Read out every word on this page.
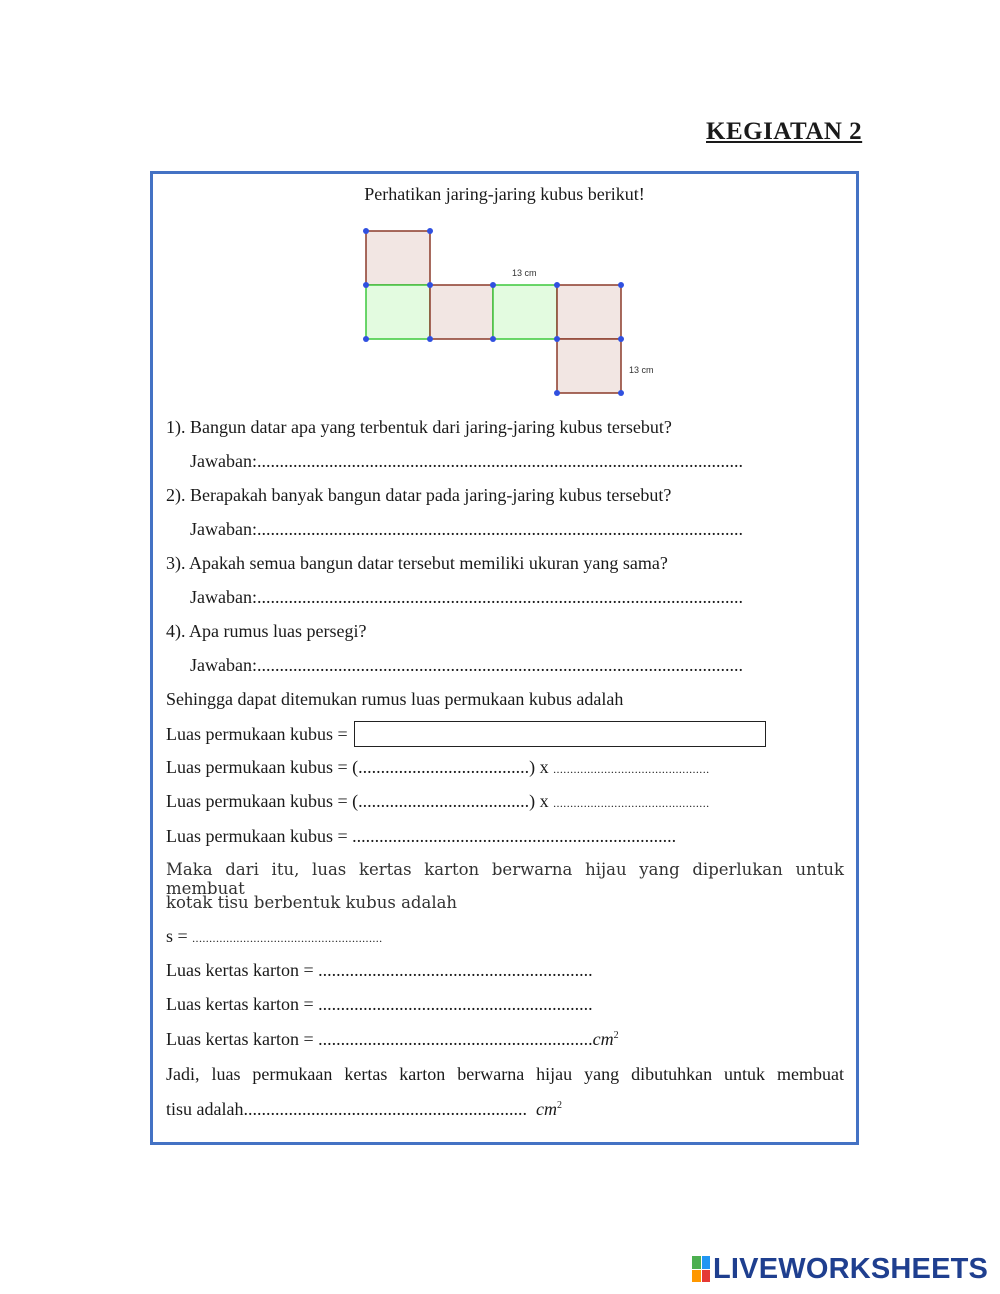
KEGIATAN 2
Perhatikan jaring-jaring kubus berikut!
13 cm
13 cm
1). Bangun datar apa yang terbentuk dari jaring-jaring kubus tersebut?
Jawaban:............................................................................................................
2). Berapakah banyak bangun datar pada jaring-jaring kubus tersebut?
Jawaban:............................................................................................................
3). Apakah semua bangun datar tersebut memiliki ukuran yang sama?
Jawaban:............................................................................................................
4). Apa rumus luas persegi?
Jawaban:............................................................................................................
Sehingga dapat ditemukan rumus luas permukaan kubus adalah
Luas permukaan kubus =
Luas permukaan kubus = (......................................) x ..............................................
Luas permukaan kubus = (......................................) x ..............................................
Luas permukaan kubus = ........................................................................
Maka dari itu, luas kertas karton berwarna hijau yang diperlukan untuk membuat
kotak tisu berbentuk kubus adalah
s = ........................................................
Luas kertas karton = .............................................................
Luas kertas karton = .............................................................
Luas kertas karton = $.............................................................cm^2$
Jadi, luas permukaan kertas karton berwarna hijau yang dibutuhkan untuk membuat
tisu adalah............................................................... $cm^2$
LIVEWORKSHEETS
